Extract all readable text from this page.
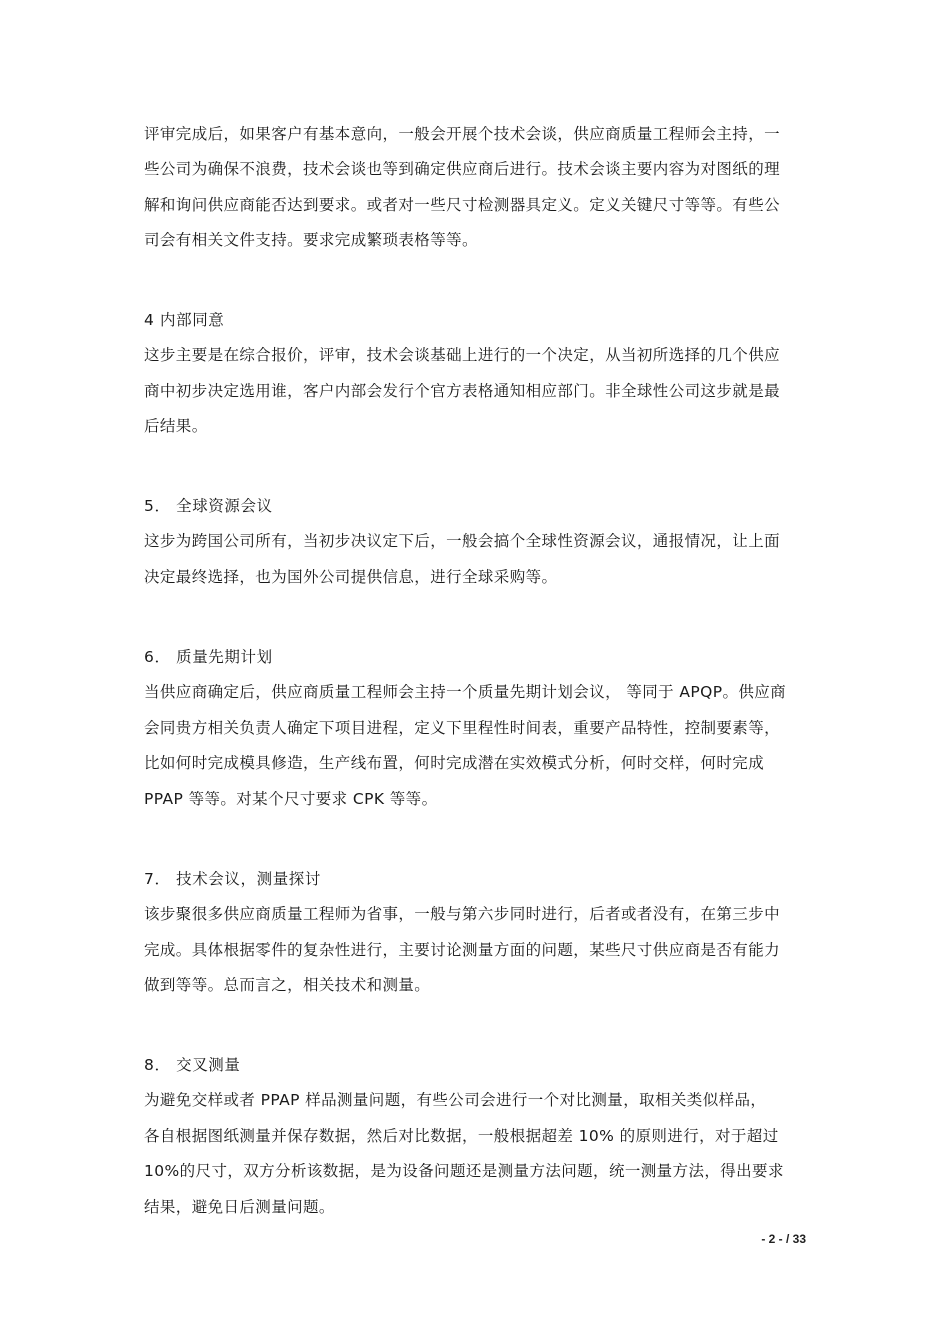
评审完成后，如果客户有基本意向，一般会开展个技术会谈，供应商质量工程师会主持，一
些公司为确保不浪费，技术会谈也等到确定供应商后进行。技术会谈主要内容为对图纸的理
解和询问供应商能否达到要求。或者对一些尺寸检测器具定义。定义关键尺寸等等。有些公
司会有相关文件支持。要求完成繁琐表格等等。
4 内部同意
这步主要是在综合报价，评审，技术会谈基础上进行的一个决定，从当初所选择的几个供应
商中初步决定选用谁，客户内部会发行个官方表格通知相应部门。非全球性公司这步就是最
后结果。
5． 全球资源会议
这步为跨国公司所有，当初步决议定下后，一般会搞个全球性资源会议，通报情况，让上面
决定最终选择，也为国外公司提供信息，进行全球采购等。
6． 质量先期计划
当供应商确定后，供应商质量工程师会主持一个质量先期计划会议， 等同于 APQP。供应商
会同贵方相关负责人确定下项目进程，定义下里程性时间表，重要产品特性，控制要素等，
比如何时完成模具修造，生产线布置，何时完成潜在实效模式分析，何时交样，何时完成
PPAP 等等。对某个尺寸要求 CPK 等等。
7． 技术会议，测量探讨
该步聚很多供应商质量工程师为省事，一般与第六步同时进行，后者或者没有，在第三步中
完成。具体根据零件的复杂性进行，主要讨论测量方面的问题，某些尺寸供应商是否有能力
做到等等。总而言之，相关技术和测量。
8． 交叉测量
为避免交样或者 PPAP 样品测量问题，有些公司会进行一个对比测量，取相关类似样品，
各自根据图纸测量并保存数据，然后对比数据，一般根据超差 10% 的原则进行，对于超过
10%的尺寸，双方分析该数据，是为设备问题还是测量方法问题，统一测量方法，得出要求
结果，避免日后测量问题。
- 2 - / 33
